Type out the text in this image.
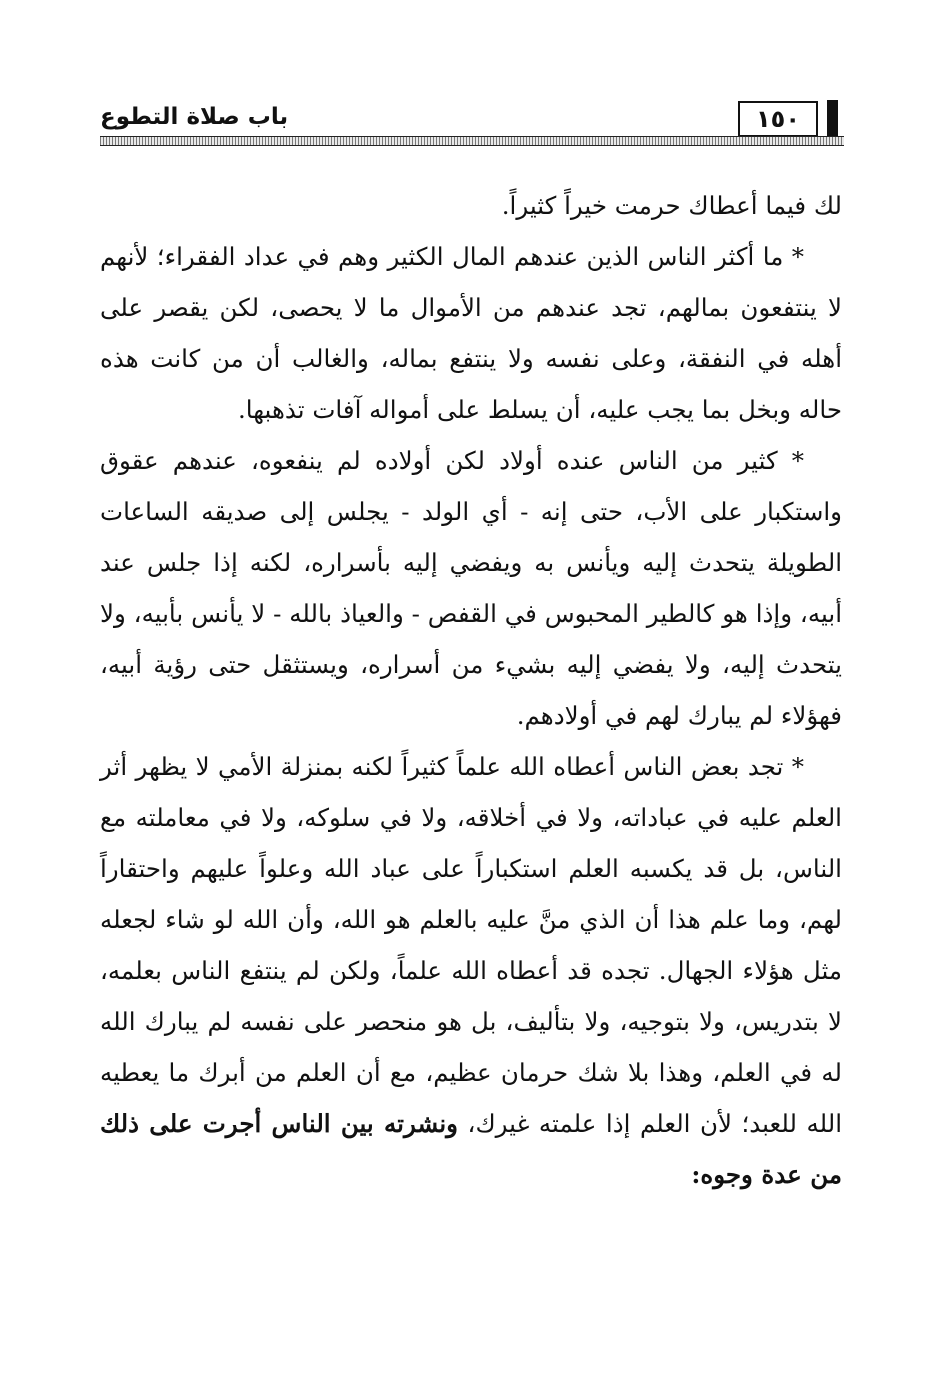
باب صلاة التطوع	١٥٠

لك فيما أعطاك حرمت خيراً كثيراً.

* ما أكثر الناس الذين عندهم المال الكثير وهم في عداد الفقراء؛ لأنهم لا ينتفعون بمالهم، تجد عندهم من الأموال ما لا يحصى، لكن يقصر على أهله في النفقة، وعلى نفسه ولا ينتفع بماله، والغالب أن من كانت هذه حاله وبخل بما يجب عليه، أن يسلط على أمواله آفات تذهبها.

* كثير من الناس عنده أولاد لكن أولاده لم ينفعوه، عندهم عقوق واستكبار على الأب، حتى إنه - أي الولد - يجلس إلى صديقه الساعات الطويلة يتحدث إليه ويأنس به ويفضي إليه بأسراره، لكنه إذا جلس عند أبيه، وإذا هو كالطير المحبوس في القفص - والعياذ بالله - لا يأنس بأبيه، ولا يتحدث إليه، ولا يفضي إليه بشيء من أسراره، ويستثقل حتى رؤية أبيه، فهؤلاء لم يبارك لهم في أولادهم.

* تجد بعض الناس أعطاه الله علماً كثيراً لكنه بمنزلة الأمي لا يظهر أثر العلم عليه في عباداته، ولا في أخلاقه، ولا في سلوكه، ولا في معاملته مع الناس، بل قد يكسبه العلم استكباراً على عباد الله وعلواً عليهم واحتقاراً لهم، وما علم هذا أن الذي منَّ عليه بالعلم هو الله، وأن الله لو شاء لجعله مثل هؤلاء الجهال. تجده قد أعطاه الله علماً، ولكن لم ينتفع الناس بعلمه، لا بتدريس، ولا بتوجيه، ولا بتأليف، بل هو منحصر على نفسه لم يبارك الله له في العلم، وهذا بلا شك حرمان عظيم، مع أن العلم من أبرك ما يعطيه الله للعبد؛ لأن العلم إذا علمته غيرك، ونشرته بين الناس أجرت على ذلك من عدة وجوه:
